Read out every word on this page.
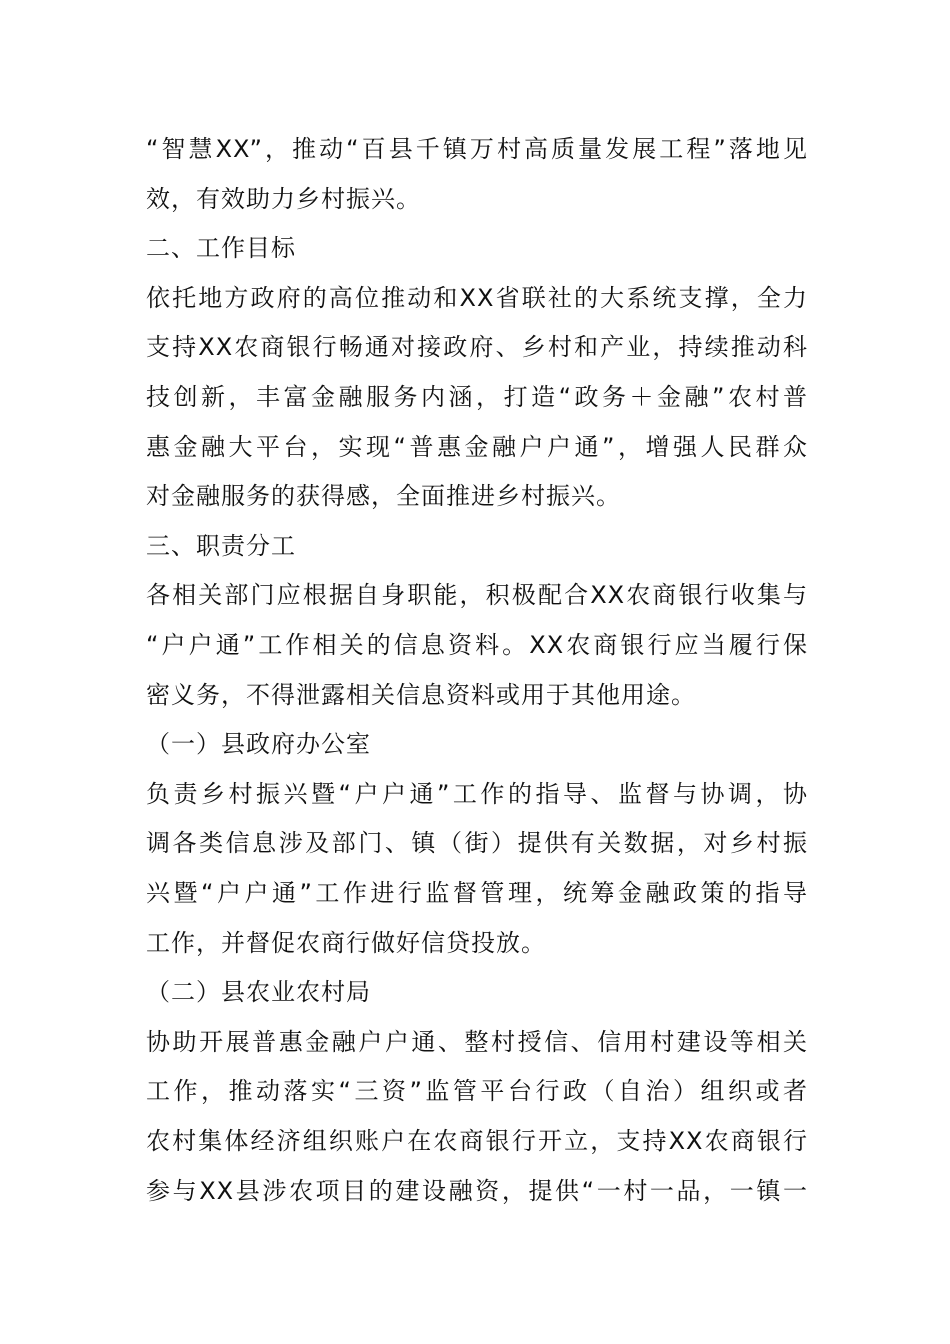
“智慧XX”，推动“百县千镇万村高质量发展工程”落地见
效，有效助力乡村振兴。
二、工作目标
依托地方政府的高位推动和XX省联社的大系统支撑，全力
支持XX农商银行畅通对接政府、乡村和产业，持续推动科
技创新，丰富金融服务内涵，打造“政务＋金融”农村普
惠金融大平台，实现“普惠金融户户通”，增强人民群众
对金融服务的获得感，全面推进乡村振兴。
三、职责分工
各相关部门应根据自身职能，积极配合XX农商银行收集与
“户户通”工作相关的信息资料。XX农商银行应当履行保
密义务，不得泄露相关信息资料或用于其他用途。
（一）县政府办公室
负责乡村振兴暨“户户通”工作的指导、监督与协调，协
调各类信息涉及部门、镇（街）提供有关数据，对乡村振
兴暨“户户通”工作进行监督管理，统筹金融政策的指导
工作，并督促农商行做好信贷投放。
（二）县农业农村局
协助开展普惠金融户户通、整村授信、信用村建设等相关
工作，推动落实“三资”监管平台行政（自治）组织或者
农村集体经济组织账户在农商银行开立，支持XX农商银行
参与XX县涉农项目的建设融资，提供“一村一品，一镇一
